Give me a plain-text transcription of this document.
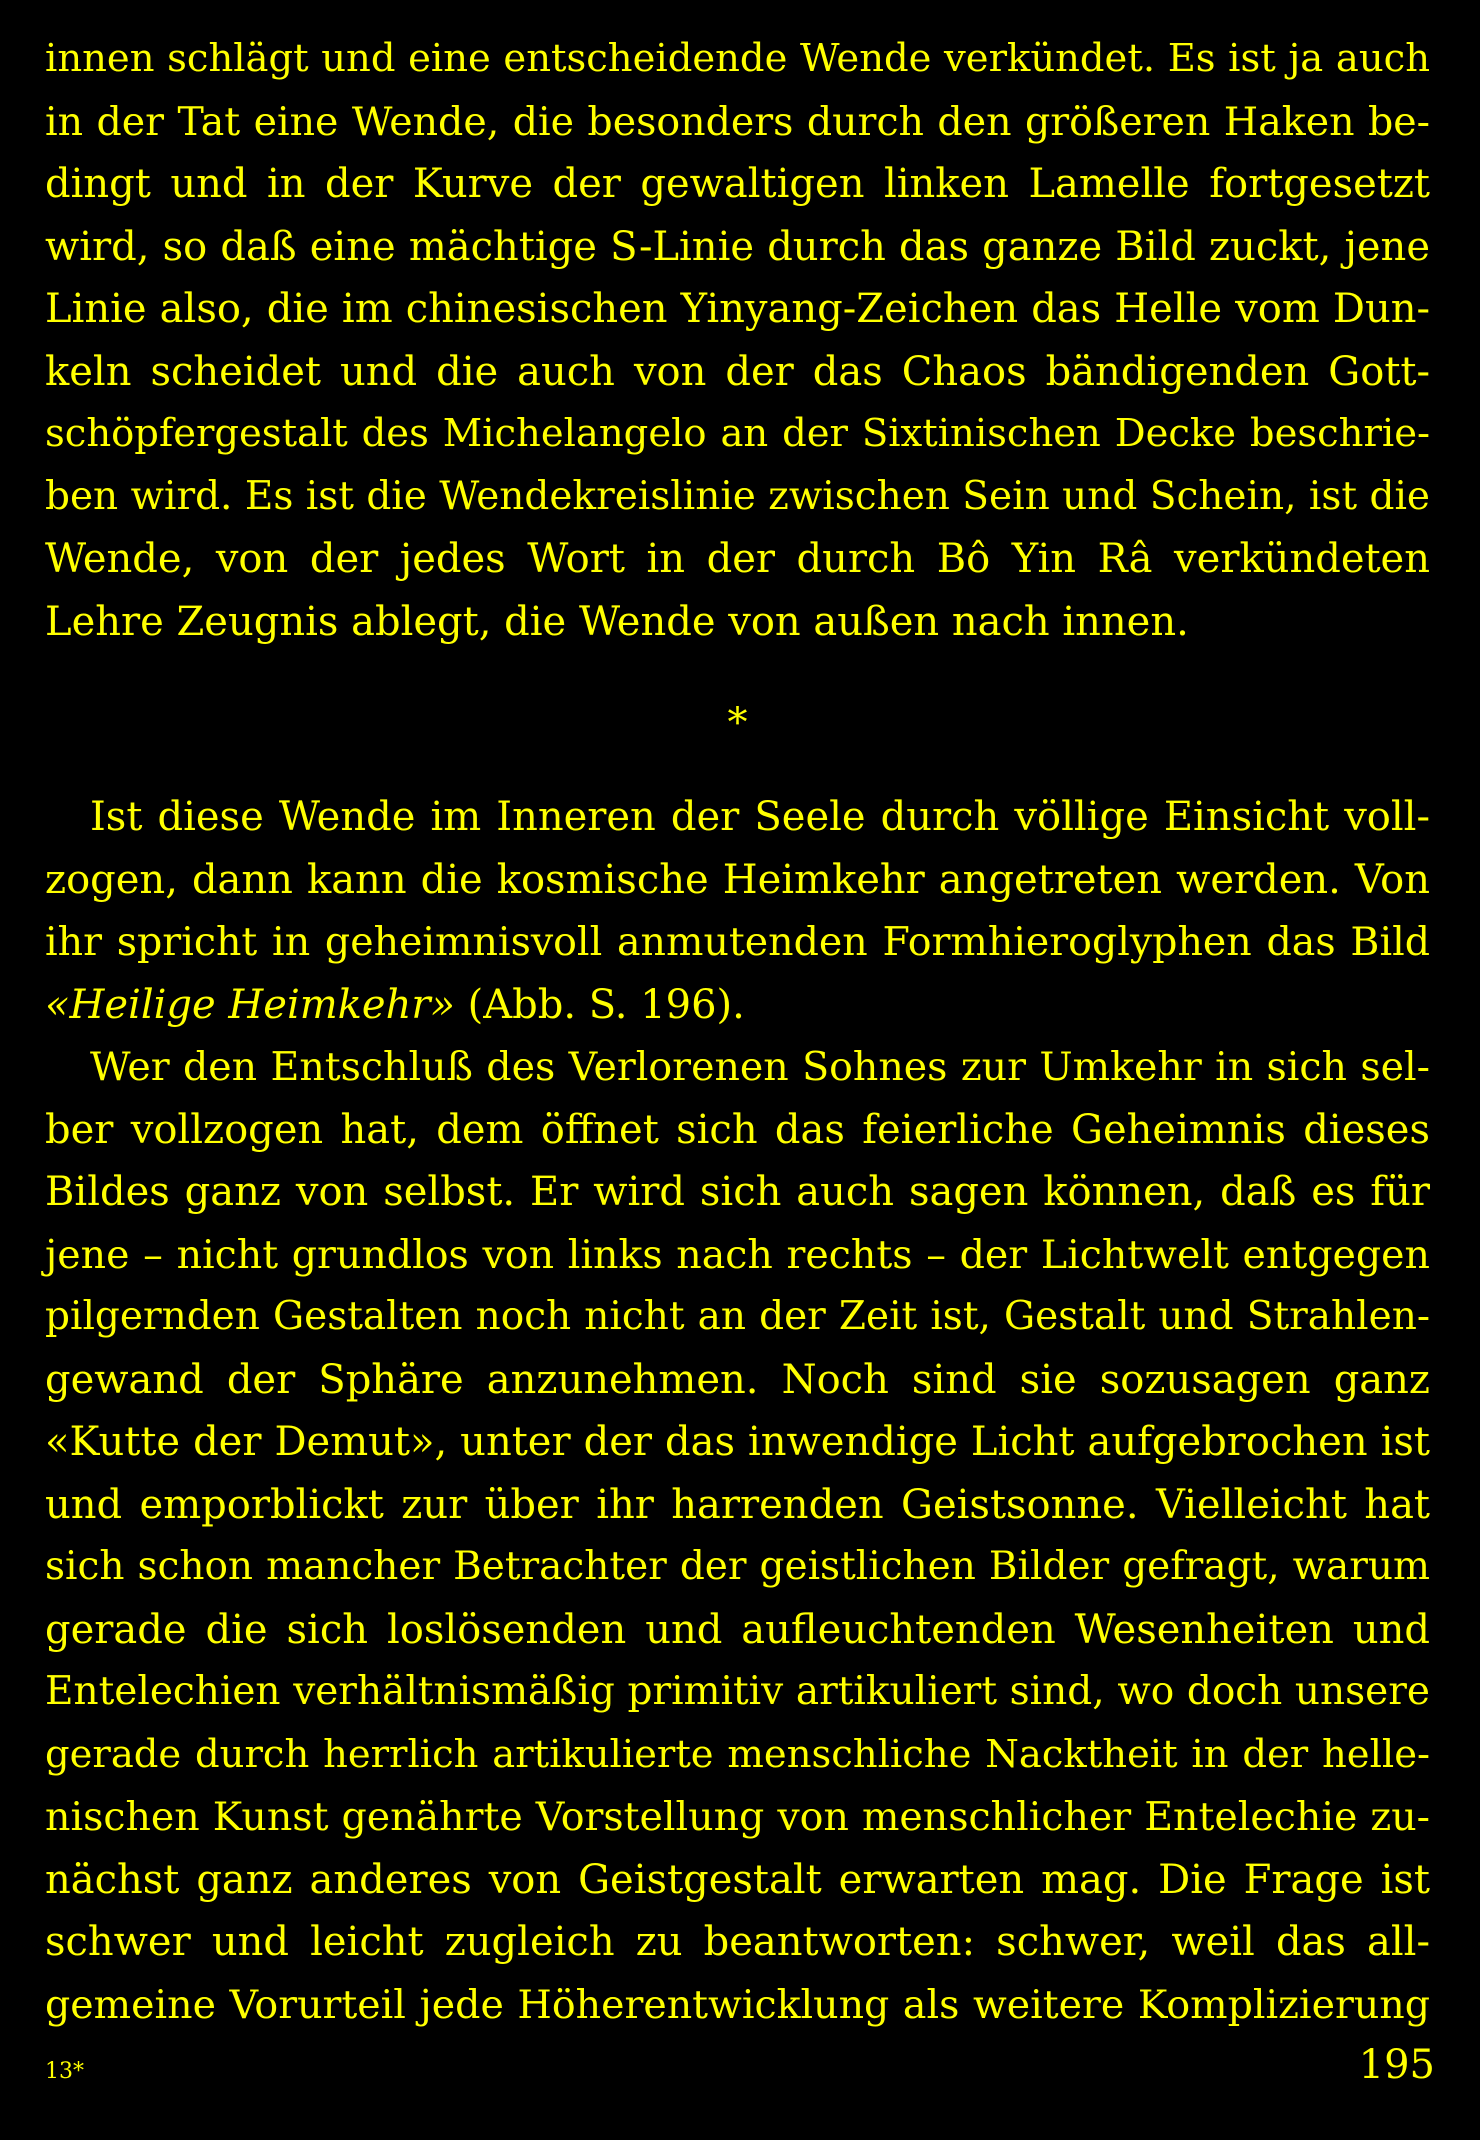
innen schlägt und eine entscheidende Wende verkündet. Es ist ja auch
in der Tat eine Wende, die besonders durch den größeren Haken be-
dingt und in der Kurve der gewaltigen linken Lamelle fortgesetzt
wird, so daß eine mächtige S-Linie durch das ganze Bild zuckt, jene
Linie also, die im chinesischen Yinyang-Zeichen das Helle vom Dun-
keln scheidet und die auch von der das Chaos bändigenden Gott-
schöpfergestalt des Michelangelo an der Sixtinischen Decke beschrie-
ben wird. Es ist die Wendekreislinie zwischen Sein und Schein, ist die
Wende, von der jedes Wort in der durch Bô Yin Râ verkündeten
Lehre Zeugnis ablegt, die Wende von außen nach innen.

*

Ist diese Wende im Inneren der Seele durch völlige Einsicht voll-
zogen, dann kann die kosmische Heimkehr angetreten werden. Von
ihr spricht in geheimnisvoll anmutenden Formhieroglyphen das Bild
«Heilige Heimkehr» (Abb. S. 196).

Wer den Entschluß des Verlorenen Sohnes zur Umkehr in sich sel-
ber vollzogen hat, dem öffnet sich das feierliche Geheimnis dieses
Bildes ganz von selbst. Er wird sich auch sagen können, daß es für
jene – nicht grundlos von links nach rechts – der Lichtwelt entgegen
pilgernden Gestalten noch nicht an der Zeit ist, Gestalt und Strahlen-
gewand der Sphäre anzunehmen. Noch sind sie sozusagen ganz
«Kutte der Demut», unter der das inwendige Licht aufgebrochen ist
und emporblickt zur über ihr harrenden Geistsonne. Vielleicht hat
sich schon mancher Betrachter der geistlichen Bilder gefragt, warum
gerade die sich loslösenden und aufleuchtenden Wesenheiten und
Entelechien verhältnismäßig primitiv artikuliert sind, wo doch unsere
gerade durch herrlich artikulierte menschliche Nacktheit in der helle-
nischen Kunst genährte Vorstellung von menschlicher Entelechie zu-
nächst ganz anderes von Geistgestalt erwarten mag. Die Frage ist
schwer und leicht zugleich zu beantworten: schwer, weil das all-
gemeine Vorurteil jede Höherentwicklung als weitere Komplizierung

13*	195
